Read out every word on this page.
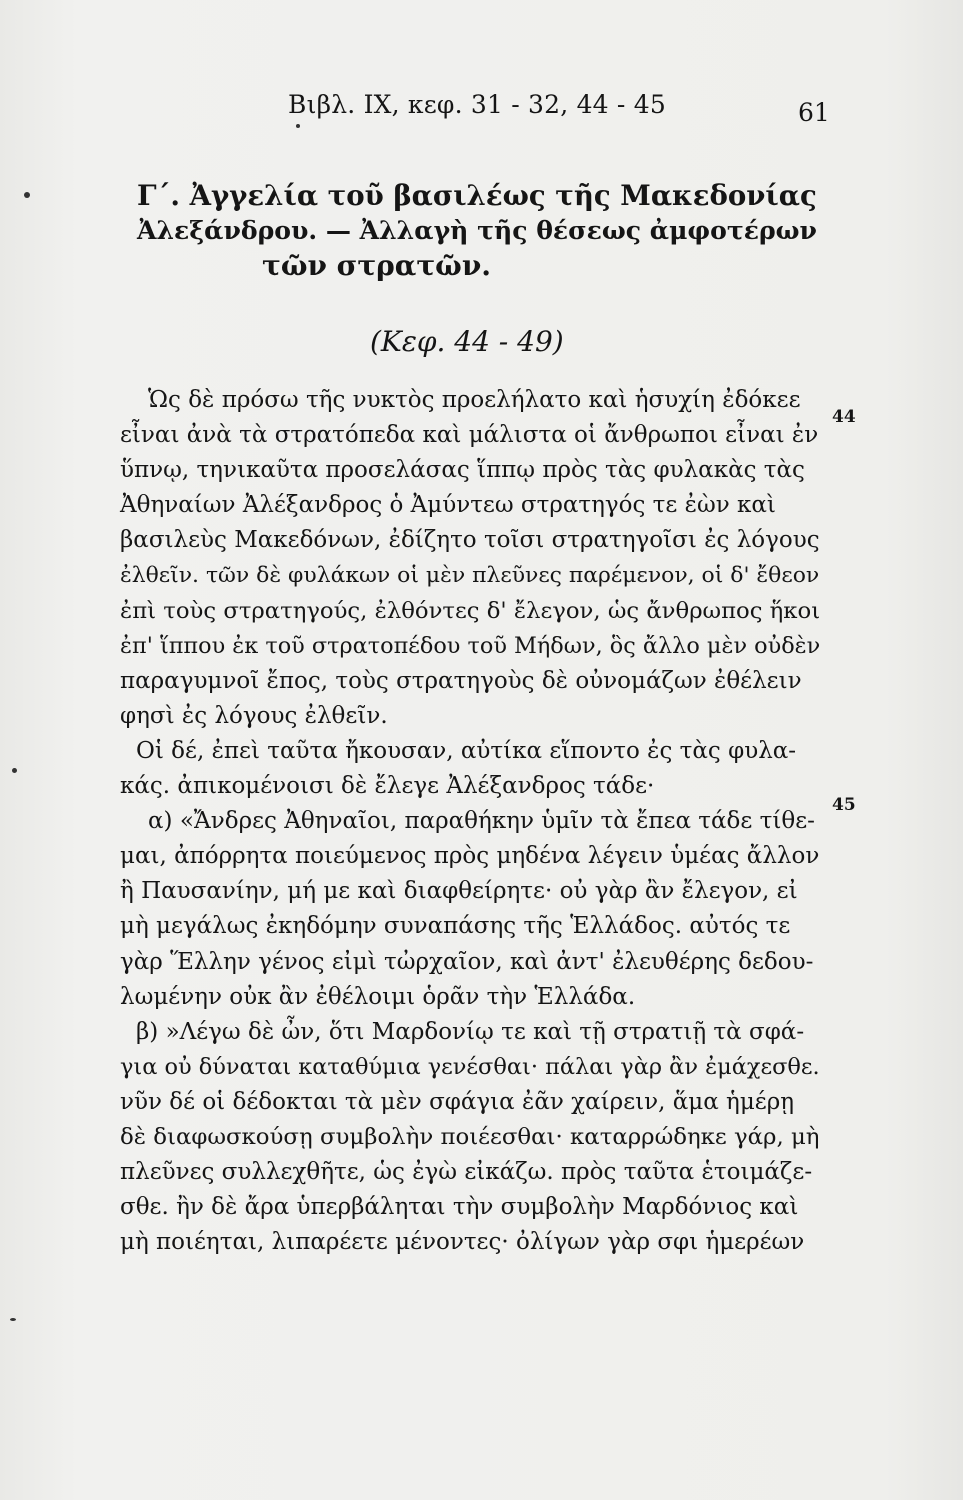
Βιβλ. IX, κεφ. 31 - 32, 44 - 45	61
Γ΄. Ἀγγελία τοῦ βασιλέως τῆς Μακεδονίας
Ἀλεξάνδρου. — Ἀλλαγὴ τῆς θέσεως ἀμφοτέρων
τῶν στρατῶν.
(Κεφ. 44 - 49)
44
45
Ὡς δὲ πρόσω τῆς νυκτὸς προελήλατο καὶ ἡσυχίη ἐδόκεε
εἶναι ἀνὰ τὰ στρατόπεδα καὶ μάλιστα οἱ ἄνθρωποι εἶναι ἐν
ὕπνῳ, τηνικαῦτα προσελάσας ἵππῳ πρὸς τὰς φυλακὰς τὰς
Ἀθηναίων Ἀλέξανδρος ὁ Ἀμύντεω στρατηγός τε ἐὼν καὶ
βασιλεὺς Μακεδόνων, ἐδίζητο τοῖσι στρατηγοῖσι ἐς λόγους
ἐλθεῖν. τῶν δὲ φυλάκων οἱ μὲν πλεῦνες παρέμενον, οἱ δ' ἔθεον
ἐπὶ τοὺς στρατηγούς, ἐλθόντες δ' ἔλεγον, ὡς ἄνθρωπος ἥκοι
ἐπ' ἵππου ἐκ τοῦ στρατοπέδου τοῦ Μήδων, ὃς ἄλλο μὲν οὐδὲν
παραγυμνοῖ ἔπος, τοὺς στρατηγοὺς δὲ οὐνομάζων ἐθέλειν
φησὶ ἐς λόγους ἐλθεῖν.
Οἱ δέ, ἐπεὶ ταῦτα ἤκουσαν, αὐτίκα εἵποντο ἐς τὰς φυλα-
κάς. ἀπικομένοισι δὲ ἔλεγε Ἀλέξανδρος τάδε·
α) «Ἄνδρες Ἀθηναῖοι, παραθήκην ὑμῖν τὰ ἔπεα τάδε τίθε-
μαι, ἀπόρρητα ποιεύμενος πρὸς μηδένα λέγειν ὑμέας ἄλλον
ἢ Παυσανίην, μή με καὶ διαφθείρητε· οὐ γὰρ ἂν ἔλεγον, εἰ
μὴ μεγάλως ἐκηδόμην συναπάσης τῆς Ἑλλάδος. αὐτός τε
γὰρ Ἕλλην γένος εἰμὶ τὠρχαῖον, καὶ ἀντ' ἐλευθέρης δεδου-
λωμένην οὐκ ἂν ἐθέλοιμι ὁρᾶν τὴν Ἑλλάδα.
β) »Λέγω δὲ ὦν, ὅτι Μαρδονίῳ τε καὶ τῇ στρατιῇ τὰ σφά-
για οὐ δύναται καταθύμια γενέσθαι· πάλαι γὰρ ἂν ἐμάχεσθε.
νῦν δέ οἱ δέδοκται τὰ μὲν σφάγια ἐᾶν χαίρειν, ἅμα ἡμέρῃ
δὲ διαφωσκούσῃ συμβολὴν ποιέεσθαι· καταρρώδηκε γάρ, μὴ
πλεῦνες συλλεχθῆτε, ὡς ἐγὼ εἰκάζω. πρὸς ταῦτα ἑτοιμάζε-
σθε. ἢν δὲ ἄρα ὑπερβάληται τὴν συμβολὴν Μαρδόνιος καὶ
μὴ ποιέηται, λιπαρέετε μένοντες· ὀλίγων γὰρ σφι ἡμερέων
